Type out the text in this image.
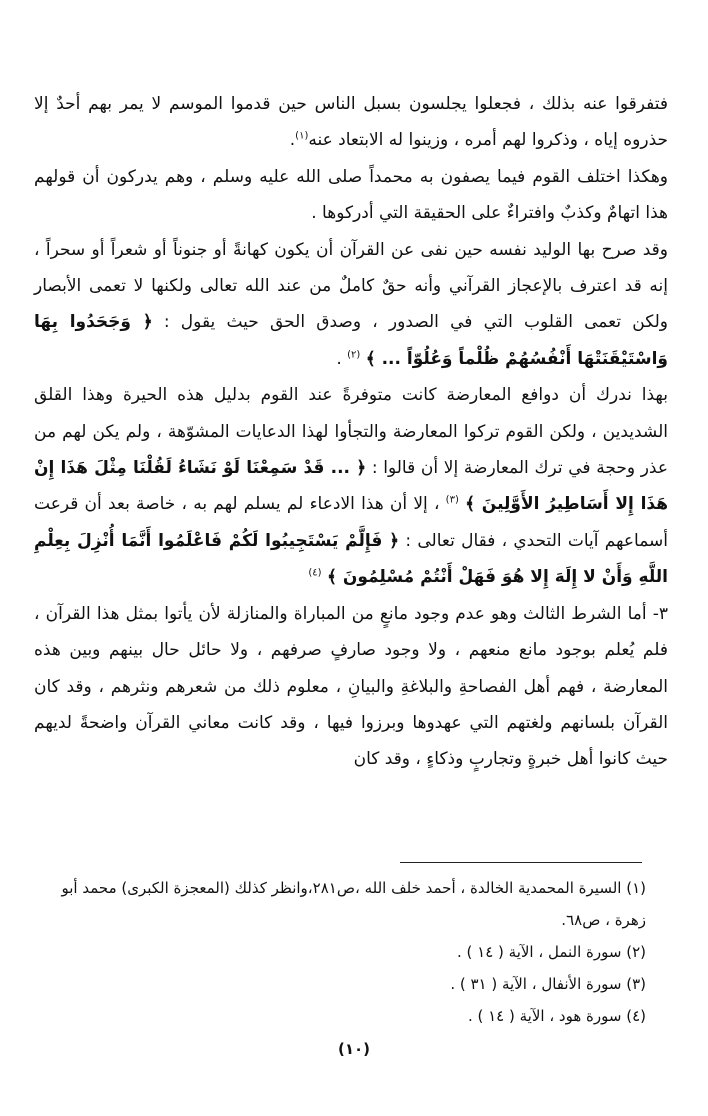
فتفرقوا عنه بذلك ، فجعلوا يجلسون بسبل الناس حين قدموا الموسم لا يمر بهم أحدٌ إلا حذروه إياه ، وذكروا لهم أمره ، وزينوا له الابتعاد عنه$^{(١)}$.

وهكذا اختلف القوم فيما يصفون به محمداً صلى الله عليه وسلم ، وهم يدركون أن قولهم هذا اتهامٌ وكذبٌ وافتراءٌ على الحقيقة التي أدركوها .

وقد صرح بها الوليد نفسه حين نفى عن القرآن أن يكون كهانةً أو جنوناً أو شعراً أو سحراً ، إنه قد اعترف بالإعجاز القرآني وأنه حقٌ كاملٌ من عند الله تعالى ولكنها لا تعمى الأبصار ولكن تعمى القلوب التي في الصدور ، وصدق الحق حيث يقول : ﴿ وَجَحَدُوا بِهَا وَاسْتَيْقَنَتْهَا أَنْفُسُهُمْ ظُلْماً وَعُلُوّاً ... ﴾ $^{(٢)}$ .

بهذا ندرك أن دوافع المعارضة كانت متوفرةً عند القوم بدليل هذه الحيرة وهذا القلق الشديدين ، ولكن القوم تركوا المعارضة والتجأوا لهذا الدعايات المشوّهة ، ولم يكن لهم من عذر وحجة في ترك المعارضة إلا أن قالوا : ﴿ ... قَدْ سَمِعْنَا لَوْ نَشَاءُ لَقُلْنَا مِثْلَ هَذَا إِنْ هَذَا إِلا أَسَاطِيرُ الأَوَّلِينَ ﴾ $^{(٣)}$ ، إلا أن هذا الادعاء لم يسلم لهم به ، خاصة بعد أن قرعت أسماعهم آيات التحدي ، فقال تعالى : ﴿ فَإِلَّمْ يَسْتَجِيبُوا لَكُمْ فَاعْلَمُوا أَنَّمَا أُنْزِلَ بِعِلْمِ اللَّهِ وَأَنْ لا إِلَهَ إِلا هُوَ فَهَلْ أَنْتُمْ مُسْلِمُونَ ﴾ $^{(٤)}$

٣- أما الشرط الثالث وهو عدم وجود مانعٍ من المباراة والمنازلة لأن يأتوا بمثل هذا القرآن ، فلم يُعلم بوجود مانع منعهم ، ولا وجود صارفٍ صرفهم ، ولا حائل حال بينهم وبين هذه المعارضة ، فهم أهل الفصاحةِ والبلاغةِ والبيانِ ، معلوم ذلك من شعرهم ونثرهم ، وقد كان القرآن بلسانهم ولغتهم التي عهدوها وبرزوا فيها ، وقد كانت معاني القرآن واضحةً لديهم حيث كانوا أهل خبرةٍ وتجاربٍ وذكاءٍ ، وقد كان

(١) السيرة المحمدية الخالدة ، أحمد خلف الله ،ص٢٨١،وانظر كذلك (المعجزة الكبرى) محمد أبو زهرة ، ص٦٨.

(٢) سورة النمل ، الآية ( ١٤ ) .

(٣) سورة الأنفال ، الآية ( ٣١ ) .

(٤) سورة هود ، الآية ( ١٤ ) .

(١٠)
